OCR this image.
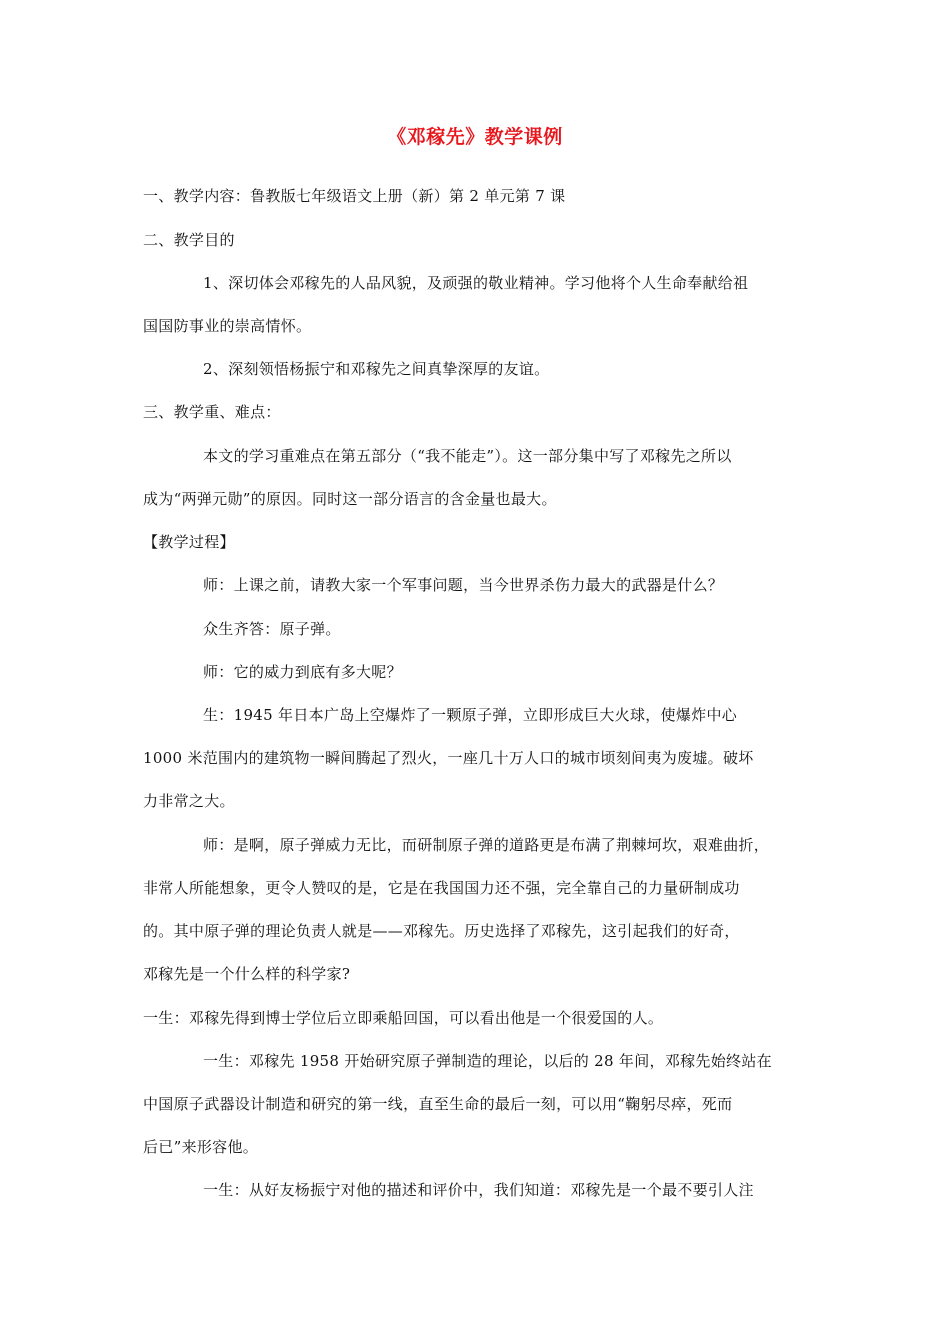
《邓稼先》教学课例
一、教学内容：鲁教版七年级语文上册（新）第 2 单元第 7 课
二、教学目的
1、深切体会邓稼先的人品风貌，及顽强的敬业精神。学习他将个人生命奉献给祖
国国防事业的崇高情怀。
2、深刻领悟杨振宁和邓稼先之间真挚深厚的友谊。
三、教学重、难点：
本文的学习重难点在第五部分（“我不能走”）。这一部分集中写了邓稼先之所以
成为“两弹元勋”的原因。同时这一部分语言的含金量也最大。
【教学过程】
师：上课之前，请教大家一个军事问题，当今世界杀伤力最大的武器是什么？
众生齐答：原子弹。
师：它的威力到底有多大呢？
生：1945 年日本广岛上空爆炸了一颗原子弹，立即形成巨大火球，使爆炸中心
1000 米范围内的建筑物一瞬间腾起了烈火，一座几十万人口的城市顷刻间夷为废墟。破坏
力非常之大。
师：是啊，原子弹威力无比，而研制原子弹的道路更是布满了荆棘坷坎，艰难曲折，
非常人所能想象，更令人赞叹的是，它是在我国国力还不强，完全靠自己的力量研制成功
的。其中原子弹的理论负责人就是——邓稼先。历史选择了邓稼先，这引起我们的好奇，
邓稼先是一个什么样的科学家?
一生：邓稼先得到博士学位后立即乘船回国，可以看出他是一个很爱国的人。
一生：邓稼先 1958 开始研究原子弹制造的理论，以后的 28 年间，邓稼先始终站在
中国原子武器设计制造和研究的第一线，直至生命的最后一刻，可以用“鞠躬尽瘁，死而
后已”来形容他。
一生：从好友杨振宁对他的描述和评价中，我们知道：邓稼先是一个最不要引人注
